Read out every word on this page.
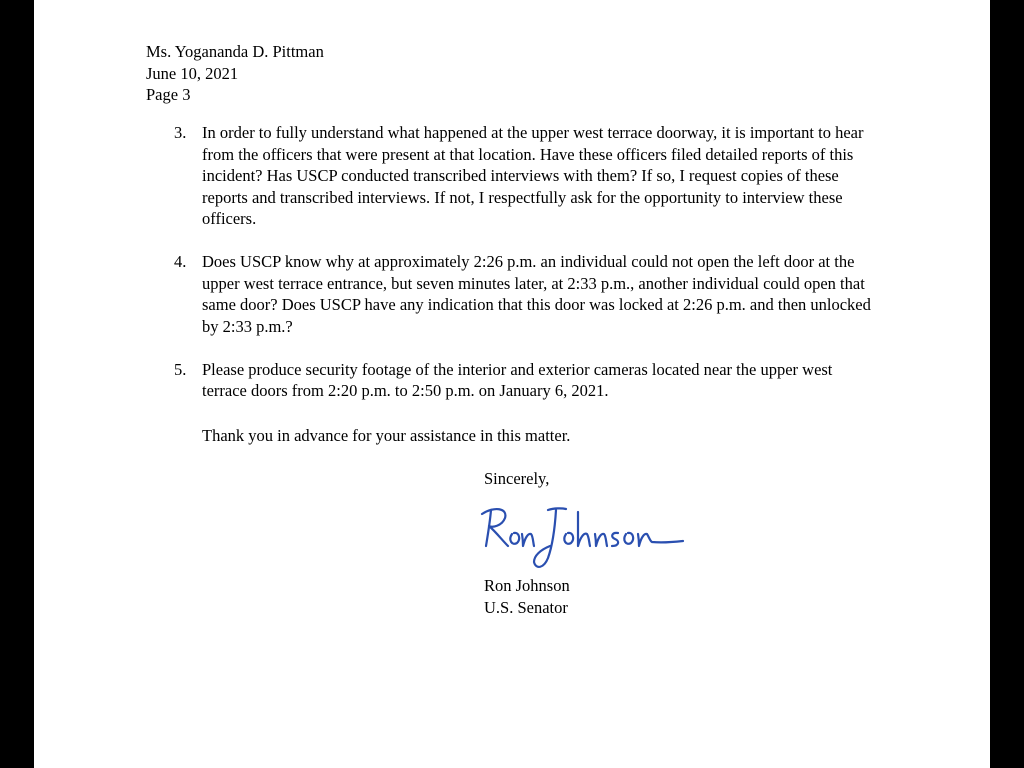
Ms. Yogananda D. Pittman
June 10, 2021
Page 3
3. In order to fully understand what happened at the upper west terrace doorway, it is important to hear from the officers that were present at that location. Have these officers filed detailed reports of this incident? Has USCP conducted transcribed interviews with them? If so, I request copies of these reports and transcribed interviews. If not, I respectfully ask for the opportunity to interview these officers.
4. Does USCP know why at approximately 2:26 p.m. an individual could not open the left door at the upper west terrace entrance, but seven minutes later, at 2:33 p.m., another individual could open that same door? Does USCP have any indication that this door was locked at 2:26 p.m. and then unlocked by 2:33 p.m.?
5. Please produce security footage of the interior and exterior cameras located near the upper west terrace doors from 2:20 p.m. to 2:50 p.m. on January 6, 2021.
Thank you in advance for your assistance in this matter.
Sincerely,
Ron Johnson
U.S. Senator
